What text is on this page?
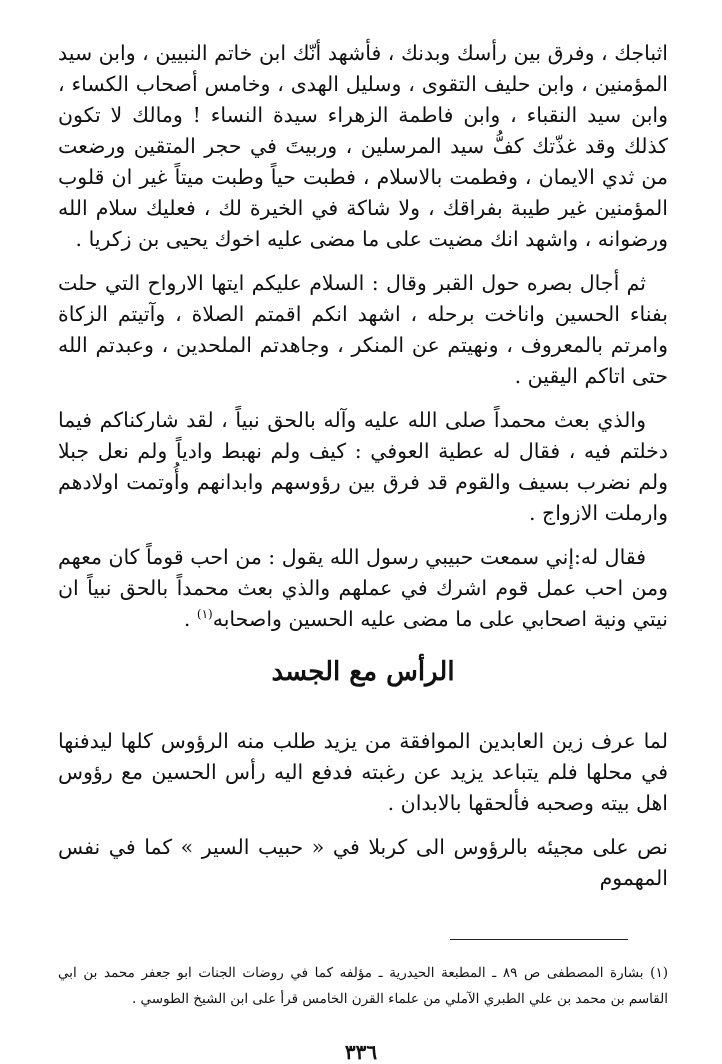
اثباجك ، وفرق بين رأسك وبدنك ، فأشهد أنّك ابن خاتم النبيين ، وابن سيد المؤمنين ، وابن حليف التقوى ، وسليل الهدى ، وخامس أصحاب الكساء ، وابن سيد النقباء ، وابن فاطمة الزهراء سيدة النساء ! ومالك لا تكون كذلك وقد غذّتك كفُّ سيد المرسلين ، وربيتَ في حجر المتقين ورضعت من ثدي الايمان ، وفطمت بالاسلام ، فطبت حياً وطبت ميتاً غير ان قلوب المؤمنين غير طيبة بفراقك ، ولا شاكة في الخيرة لك ، فعليك سلام الله ورضوانه ، واشهد انك مضيت على ما مضى عليه اخوك يحيى بن زكريا .

ثم أجال بصره حول القبر وقال : السلام عليكم ايتها الارواح التي حلت بفناء الحسين واناخت برحله ، اشهد انكم اقمتم الصلاة ، وآتيتم الزكاة وامرتم بالمعروف ، ونهيتم عن المنكر ، وجاهدتم الملحدين ، وعبدتم الله حتى اتاكم اليقين .

والذي بعث محمداً صلى الله عليه وآله بالحق نبياً ، لقد شاركناكم فيما دخلتم فيه ، فقال له عطية العوفي : كيف ولم نهبط وادياً ولم نعل جبلا ولم نضرب بسيف والقوم قد فرق بين رؤوسهم وابدانهم وأُوتمت اولادهم وارملت الازواج .

فقال له:إني سمعت حبيبي رسول الله يقول : من احب قوماً كان معهم ومن احب عمل قوم اشرك في عملهم والذي بعث محمداً بالحق نبياً ان نيتي ونية اصحابي على ما مضى عليه الحسين واصحابه$^{(١)}$ .

الرأس مع الجسد

لما عرف زين العابدين الموافقة من يزيد طلب منه الرؤوس كلها ليدفنها في محلها فلم يتباعد يزيد عن رغبته فدفع اليه رأس الحسين مع رؤوس اهل بيته وصحبه فألحقها بالابدان .

نص على مجيئه بالرؤوس الى كربلا في « حبيب السير » كما في نفس المهموم

(١) بشارة المصطفى ص ٨٩ ـ المطبعة الحيدرية ـ مؤلفه كما في روضات الجنات ابو جعفر محمد بن ابي القاسم بن محمد بن علي الطبري الآملي من علماء القرن الخامس قرأ على ابن الشيخ الطوسي .
٣٣٦
